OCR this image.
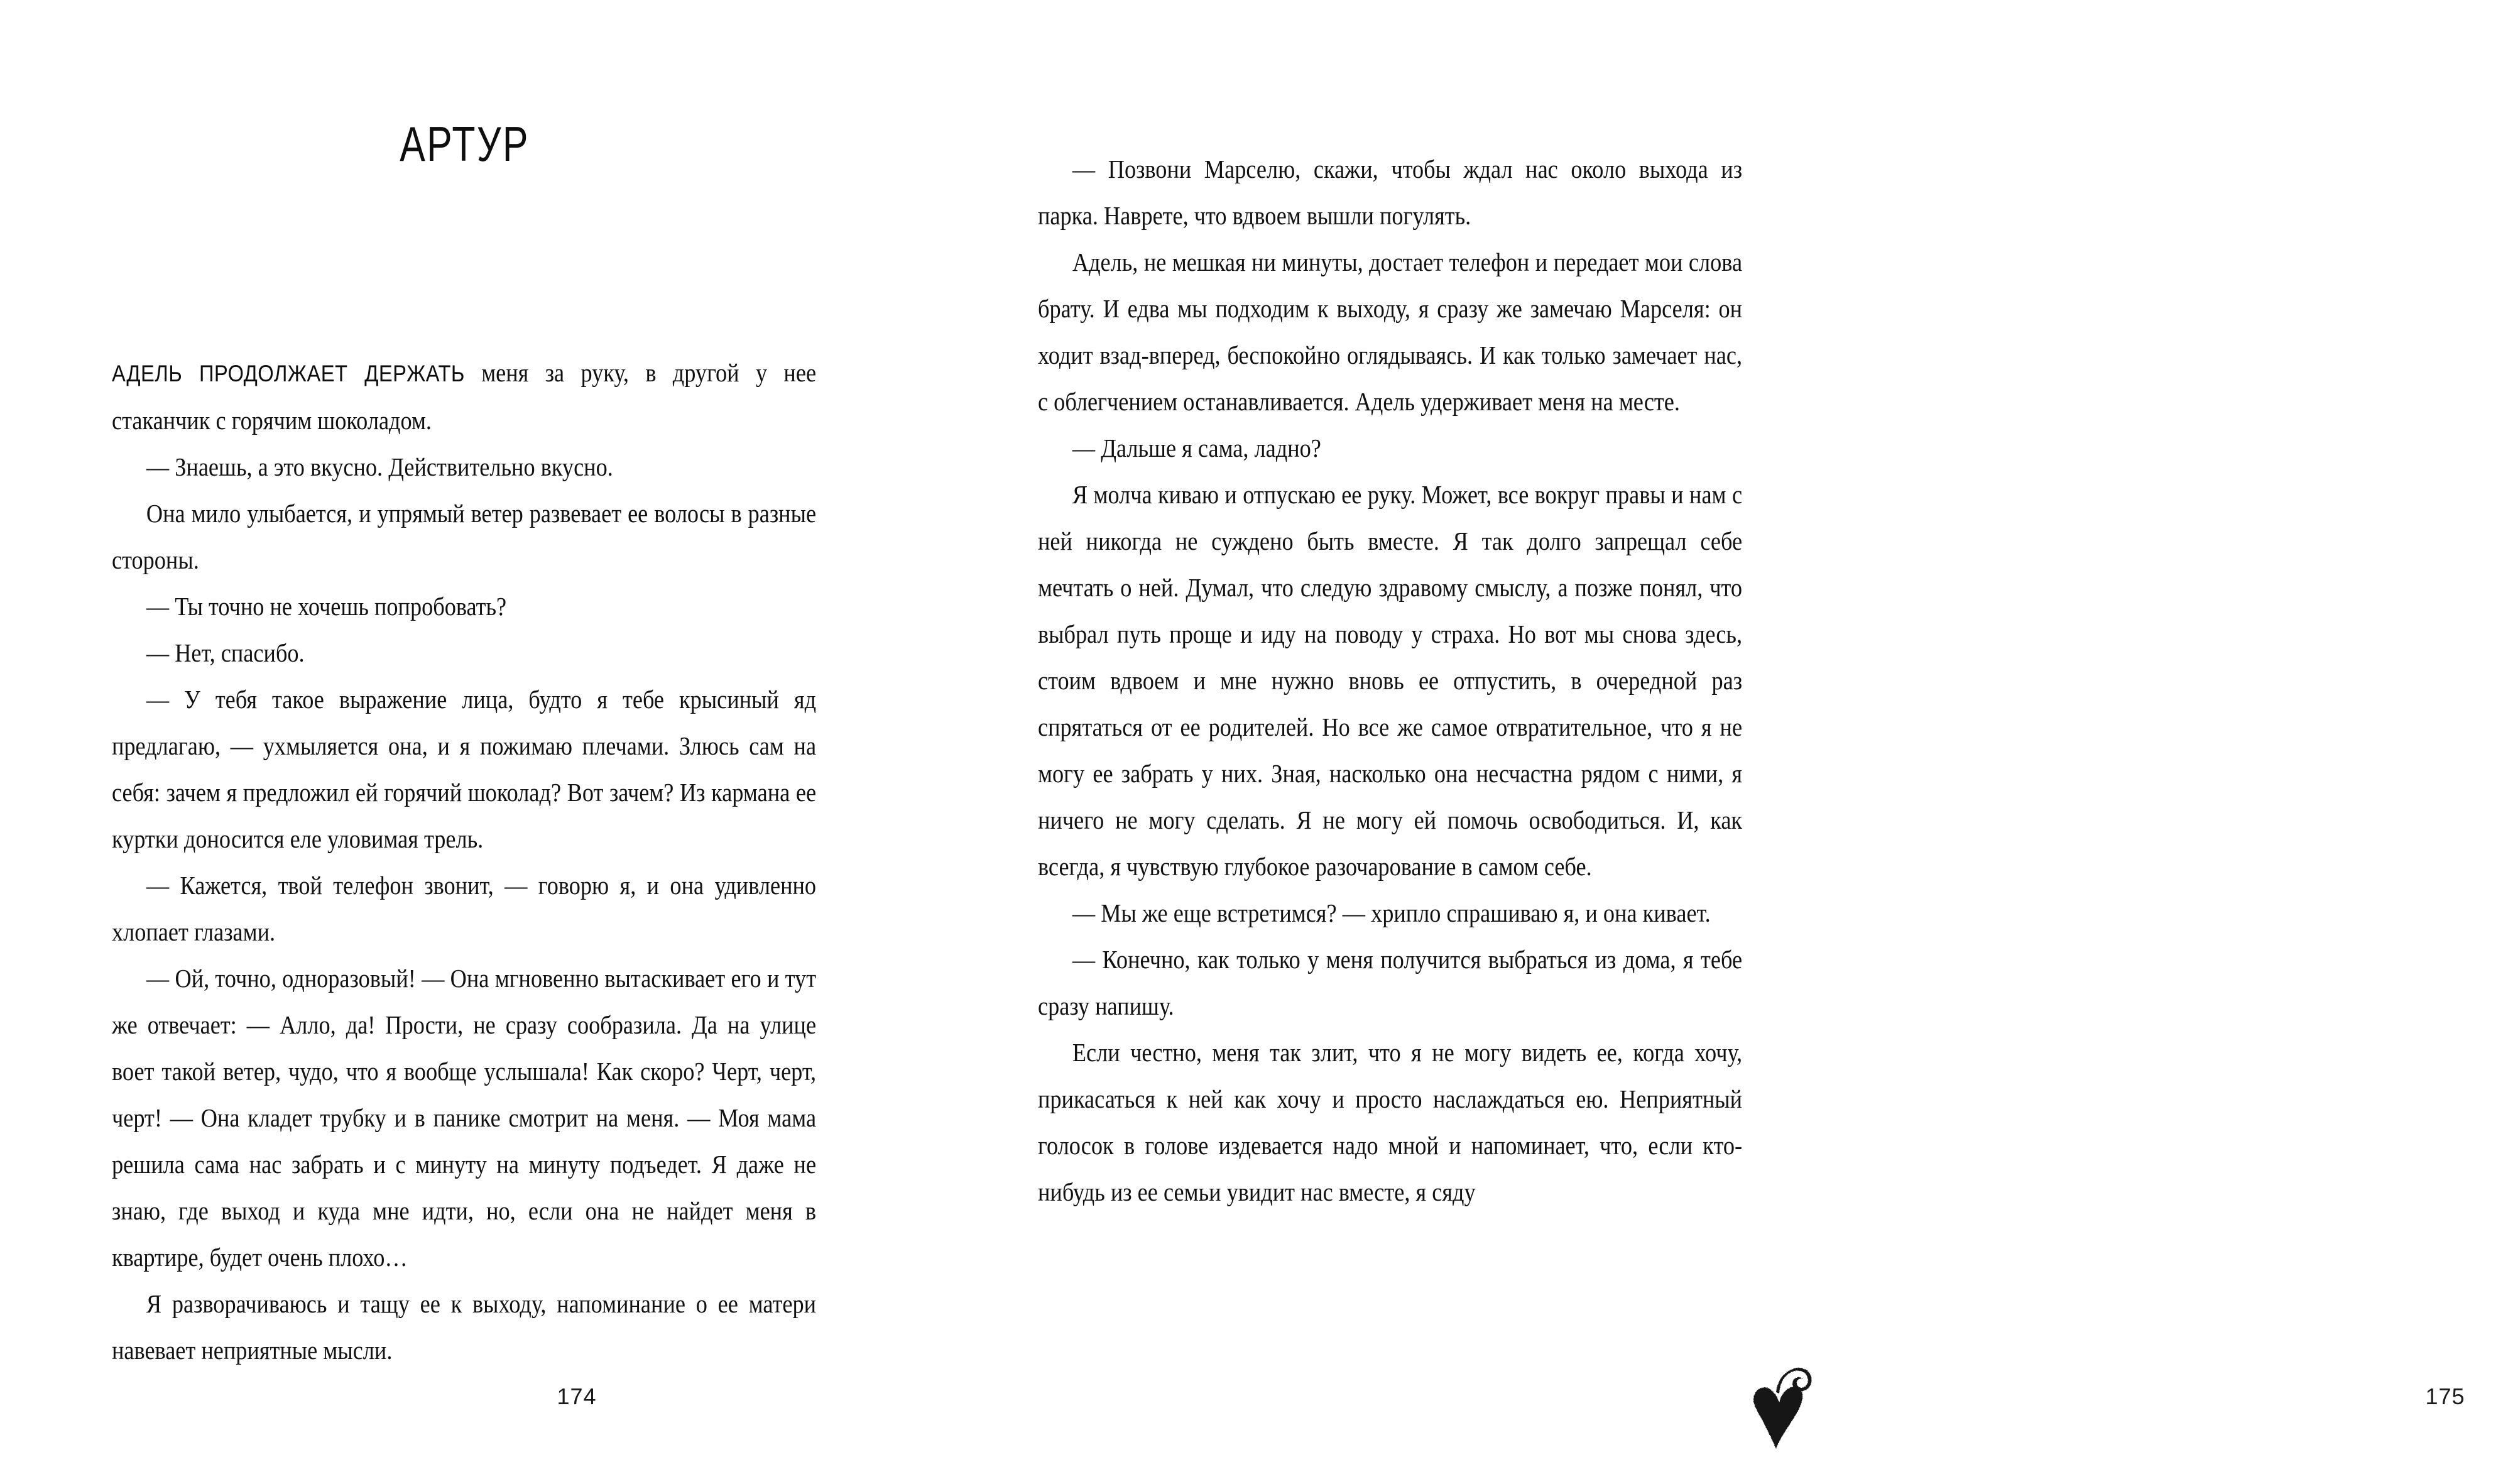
АРТУР

АДЕЛЬ ПРОДОЛЖАЕТ ДЕРЖАТЬ меня за руку, в другой у нее стаканчик с горячим шоколадом.

— Знаешь, а это вкусно. Действительно вкусно.

Она мило улыбается, и упрямый ветер развевает ее волосы в разные стороны.

— Ты точно не хочешь попробовать?

— Нет, спасибо.

— У тебя такое выражение лица, будто я тебе крысиный яд предлагаю, — ухмыляется она, и я пожимаю плечами. Злюсь сам на себя: зачем я предложил ей горячий шоколад? Вот зачем? Из кармана ее куртки доносится еле уловимая трель.

— Кажется, твой телефон звонит, — говорю я, и она удивленно хлопает глазами.

— Ой, точно, одноразовый! — Она мгновенно вытаскивает его и тут же отвечает: — Алло, да! Прости, не сразу сообразила. Да на улице воет такой ветер, чудо, что я вообще услышала! Как скоро? Черт, черт, черт! — Она кладет трубку и в панике смотрит на меня. — Моя мама решила сама нас забрать и с минуту на минуту подъедет. Я даже не знаю, где выход и куда мне идти, но, если она не найдет меня в квартире, будет очень плохо…

Я разворачиваюсь и тащу ее к выходу, напоминание о ее матери навевает неприятные мысли.

174

— Позвони Марселю, скажи, чтобы ждал нас около выхода из парка. Наврете, что вдвоем вышли погулять.

Адель, не мешкая ни минуты, достает телефон и передает мои слова брату. И едва мы подходим к выходу, я сразу же замечаю Марселя: он ходит взад-вперед, беспокойно оглядываясь. И как только замечает нас, с облегчением останавливается. Адель удерживает меня на месте.

— Дальше я сама, ладно?

Я молча киваю и отпускаю ее руку. Может, все вокруг правы и нам с ней никогда не суждено быть вместе. Я так долго запрещал себе мечтать о ней. Думал, что следую здравому смыслу, а позже понял, что выбрал путь проще и иду на поводу у страха. Но вот мы снова здесь, стоим вдвоем и мне нужно вновь ее отпустить, в очередной раз спрятаться от ее родителей. Но все же самое отвратительное, что я не могу ее забрать у них. Зная, насколько она несчастна рядом с ними, я ничего не могу сделать. Я не могу ей помочь освободиться. И, как всегда, я чувствую глубокое разочарование в самом себе.

— Мы же еще встретимся? — хрипло спрашиваю я, и она кивает.

— Конечно, как только у меня получится выбраться из дома, я тебе сразу напишу.

Если честно, меня так злит, что я не могу видеть ее, когда хочу, прикасаться к ней как хочу и просто наслаждаться ею. Неприятный голосок в голове издевается надо мной и напоминает, что, если кто-нибудь из ее семьи увидит нас вместе, я сяду

175
